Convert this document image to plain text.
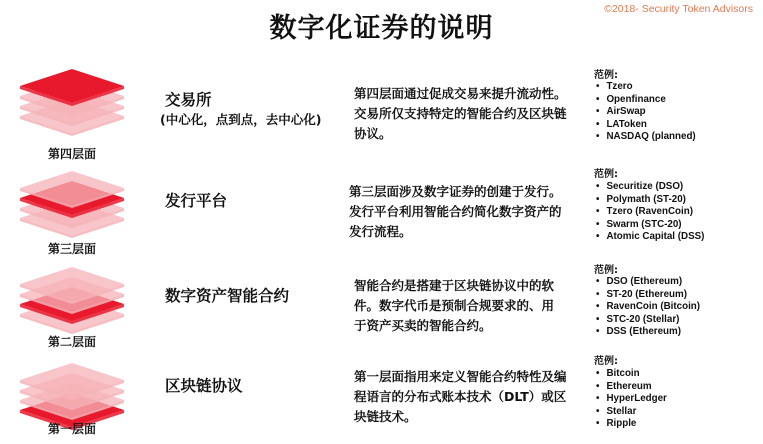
©2018- Security Token Advisors
数字化证券的说明
第四层面
交易所
(中心化，点到点，去中心化)
第四层面通过促成交易来提升流动性。交易所仅支持特定的智能合约及区块链协议。
范例:
• Tzero
• Openfinance
• AirSwap
• LAToken
• NASDAQ (planned)
第三层面
发行平台
第三层面涉及数字证券的创建于发行。发行平台利用智能合约简化数字资产的发行流程。
范例:
• Securitize (DSO)
• Polymath (ST-20)
• Tzero (RavenCoin)
• Swarm (STC-20)
• Atomic Capital (DSS)
第二层面
数字资产智能合约
智能合约是搭建于区块链协议中的软件。数字代币是预制合规要求的、用于资产买卖的智能合约。
范例:
• DSO (Ethereum)
• ST-20 (Ethereum)
• RavenCoin (Bitcoin)
• STC-20 (Stellar)
• DSS (Ethereum)
第一层面
区块链协议
第一层面指用来定义智能合约特性及编程语言的分布式账本技术（DLT）或区块链技术。
范例:
• Bitcoin
• Ethereum
• HyperLedger
• Stellar
• Ripple
